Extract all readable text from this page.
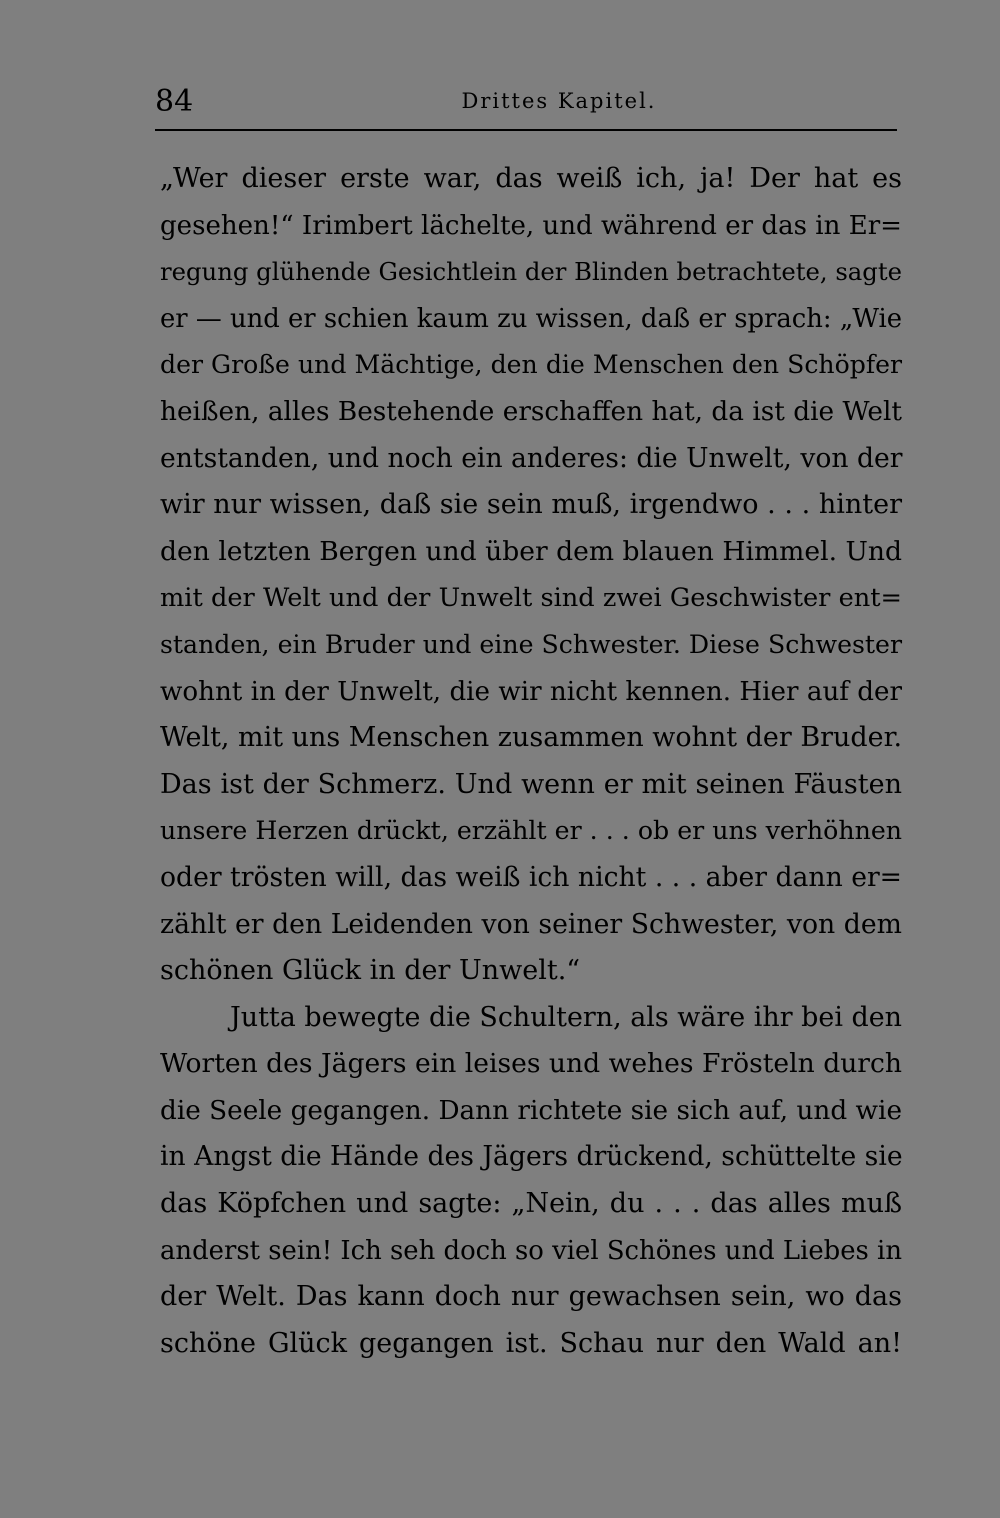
84	Drittes Kapitel.

„Wer dieser erste war, das weiß ich, ja! Der hat es
gesehen!“ Irimbert lächelte, und während er das in Er=
regung glühende Gesichtlein der Blinden betrachtete, sagte
er — und er schien kaum zu wissen, daß er sprach: „Wie
der Große und Mächtige, den die Menschen den Schöpfer
heißen, alles Bestehende erschaffen hat, da ist die Welt
entstanden, und noch ein anderes: die Unwelt, von der
wir nur wissen, daß sie sein muß, irgendwo . . . hinter
den letzten Bergen und über dem blauen Himmel. Und
mit der Welt und der Unwelt sind zwei Geschwister ent=
standen, ein Bruder und eine Schwester. Diese Schwester
wohnt in der Unwelt, die wir nicht kennen. Hier auf der
Welt, mit uns Menschen zusammen wohnt der Bruder.
Das ist der Schmerz. Und wenn er mit seinen Fäusten
unsere Herzen drückt, erzählt er . . . ob er uns verhöhnen
oder trösten will, das weiß ich nicht . . . aber dann er=
zählt er den Leidenden von seiner Schwester, von dem
schönen Glück in der Unwelt.“

Jutta bewegte die Schultern, als wäre ihr bei den
Worten des Jägers ein leises und wehes Frösteln durch
die Seele gegangen. Dann richtete sie sich auf, und wie
in Angst die Hände des Jägers drückend, schüttelte sie
das Köpfchen und sagte: „Nein, du . . . das alles muß
anderst sein! Ich seh doch so viel Schönes und Liebes in
der Welt. Das kann doch nur gewachsen sein, wo das
schöne Glück gegangen ist. Schau nur den Wald an!
